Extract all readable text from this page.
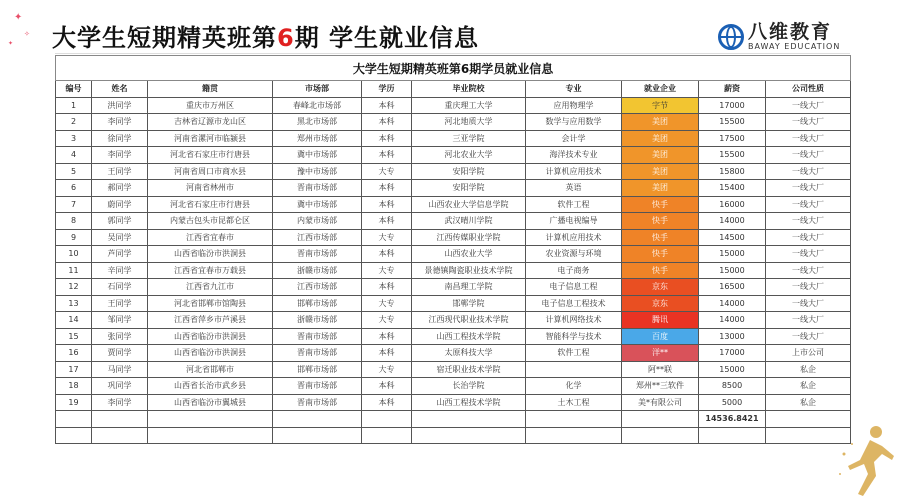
✦
✧
✦ 大学生短期精英班第6期 学生就业信息	八维教育
BAWAY EDUCATION
大学生短期精英班第6期学员就业信息									
编号	姓名	籍贯	市场部	学历	毕业院校	专业	就业企业	薪资	公司性质
1	洪同学	重庆市万州区	春峰北市场部	本科	重庆理工大学	应用物理学	字节	17000	一线大厂
2	李同学	吉林省辽源市龙山区	黑北市场部	本科	河北地质大学	数学与应用数学	美团	15500	一线大厂
3	徐同学	河南省漯河市临颍县	郑州市场部	本科	三亚学院	会计学	美团	17500	一线大厂
4	李同学	河北省石家庄市行唐县	冀中市场部	本科	河北农业大学	海洋技术专业	美团	15500	一线大厂
5	王同学	河南省周口市商水县	豫中市场部	大专	安阳学院	计算机应用技术	美团	15800	一线大厂
6	郝同学	河南省林州市	晋南市场部	本科	安阳学院	英语	美团	15400	一线大厂
7	蔚同学	河北省石家庄市行唐县	冀中市场部	本科	山西农业大学信息学院	软件工程	快手	16000	一线大厂
8	郭同学	内蒙古包头市昆都仑区	内蒙市场部	本科	武汉晴川学院	广播电视编导	快手	14000	一线大厂
9	吴同学	江西省宜春市	江西市场部	大专	江西传媒职业学院	计算机应用技术	快手	14500	一线大厂
10	芦同学	山西省临汾市洪洞县	晋南市场部	本科	山西农业大学	农业资源与环境	快手	15000	一线大厂
11	辛同学	江西省宜春市万载县	浙赣市场部	大专	景德镇陶瓷职业技术学院	电子商务	快手	15000	一线大厂
12	石同学	江西省九江市	江西市场部	本科	南昌理工学院	电子信息工程	京东	16500	一线大厂
13	王同学	河北省邯郸市馆陶县	邯郸市场部	大专	邯郸学院	电子信息工程技术	京东	14000	一线大厂
14	邹同学	江西省萍乡市芦溪县	浙赣市场部	大专	江西现代职业技术学院	计算机网络技术	腾讯	14000	一线大厂
15	张同学	山西省临汾市洪洞县	晋南市场部	本科	山西工程技术学院	智能科学与技术	百度	13000	一线大厂
16	贾同学	山西省临汾市洪洞县	晋南市场部	本科	太原科技大学	软件工程	洋**	17000	上市公司
17	马同学	河北省邯郸市	邯郸市场部	大专	宿迁职业技术学院		阿**联	15000	私企
18	巩同学	山西省长治市武乡县	晋南市场部	本科	长治学院	化学	郑州**三软件	8500	私企
19	李同学	山西省临汾市翼城县	晋南市场部	本科	山西工程技术学院	土木工程	美*有限公司	5000	私企
								14536.8421	
